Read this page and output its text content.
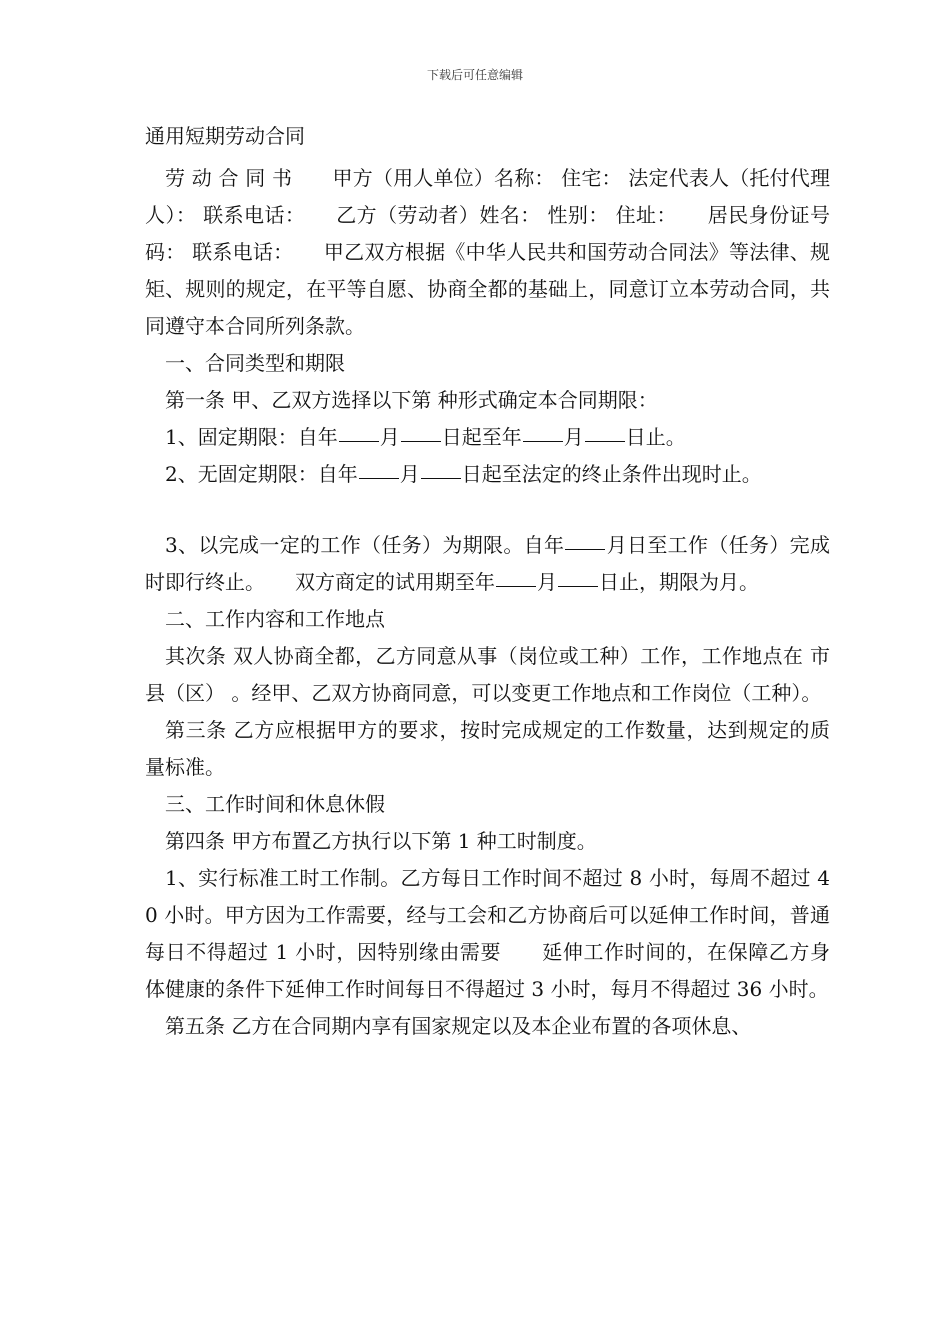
下载后可任意编辑
通用短期劳动合同

劳 动 合 同 书　　甲方（用人单位）名称： 住宅： 法定代表人（托付代理人）： 联系电话：　　乙方（劳动者）姓名： 性别： 住址：　　居民身份证号码： 联系电话：　　甲乙双方根据《中华人民共和国劳动合同法》等法律、规矩、规则的规定，在平等自愿、协商全都的基础上，同意订立本劳动合同，共同遵守本合同所列条款。

一、合同类型和期限

第一条 甲、乙双方选择以下第 种形式确定本合同期限：

1、固定期限：自年 月 日起至年 月 日止。

2、无固定期限：自年 月 日起至法定的终止条件出现时止。

3、以完成一定的工作（任务）为期限。自年 月日至工作（任务）完成时即行终止。　　双方商定的试用期至年 月 日止，期限为月。

二、工作内容和工作地点

其次条 双人协商全都，乙方同意从事（岗位或工种）工作，工作地点在 市 县（区） 。经甲、乙双方协商同意，可以变更工作地点和工作岗位（工种）。

第三条 乙方应根据甲方的要求，按时完成规定的工作数量，达到规定的质量标准。

三、工作时间和休息休假

第四条 甲方布置乙方执行以下第 1 种工时制度。

1、实行标准工时工作制。乙方每日工作时间不超过 8 小时，每周不超过 40 小时。甲方因为工作需要，经与工会和乙方协商后可以延伸工作时间，普通每日不得超过 1 小时，因特别缘由需要　　延伸工作时间的，在保障乙方身体健康的条件下延伸工作时间每日不得超过 3 小时，每月不得超过 36 小时。

第五条 乙方在合同期内享有国家规定以及本企业布置的各项休息、
